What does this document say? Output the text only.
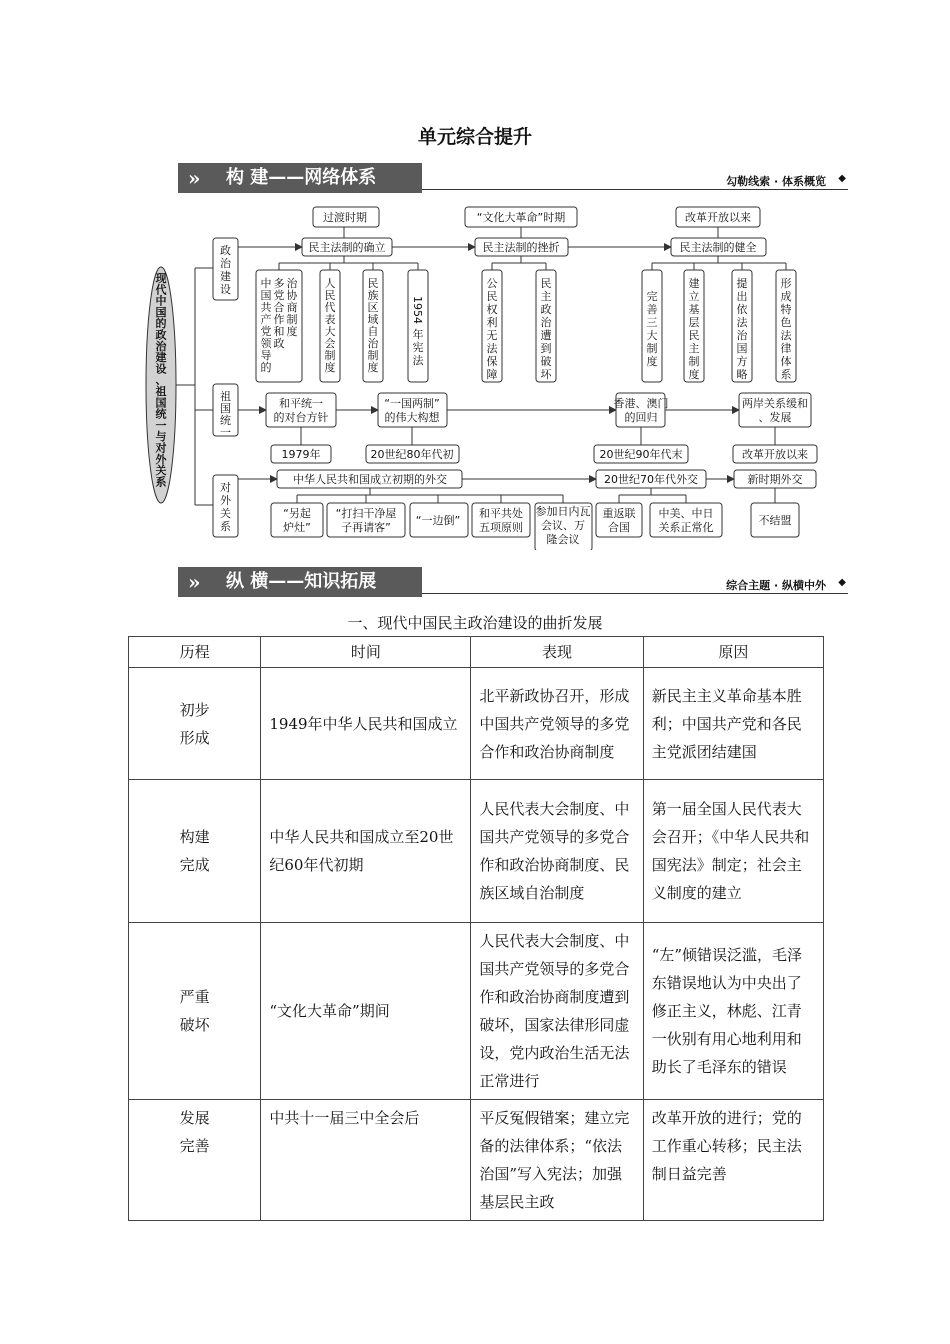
单元综合提升
» 构 建——网络体系	勾勒线索 · 体系概览 ◆
现代中国的政治建设、祖国统一与对外关系
政治建设
祖国统一
对外关系
中国共产党领导的
多党合作和政
治协商制度
人民代表大会制度
民族区域自治制度
1954
年宪法
公民权利无法保障
民主政治遭到破坏
完善三大制度
建立基层民主制度
提出依法治国方略
形成特色法律体系
过渡时期	“文化大革命”时期	改革开放以来
民主法制的确立	民主法制的挫折	民主法制的健全
1979年	20世纪80年代初	20世纪90年代末	改革开放以来
中华人民共和国成立初期的外交	20世纪70年代外交	新时期外交
不结盟
和平统一的对台方针
“一国两制”的伟大构想
香港、澳门的回归
两岸关系缓和、发展
“另起炉灶”
“打扫干净屋子再请客”
“一边倒”
和平共处五项原则
参加日内瓦会议、万隆会议
重返联合国
中美、中日关系正常化
» 纵 横——知识拓展	综合主题 · 纵横中外 ◆
一、现代中国民主政治建设的曲折发展
历程	时间	表现	原因
初步
形成	1949年中华人民共和国成立	北平新政协召开，形成中国共产党领导的多党合作和政治协商制度	新民主主义革命基本胜利；中国共产党和各民主党派团结建国
构建
完成	中华人民共和国成立至20世纪60年代初期	人民代表大会制度、中国共产党领导的多党合作和政治协商制度、民族区域自治制度	第一届全国人民代表大会召开；《中华人民共和国宪法》制定；社会主义制度的建立
严重
破坏	“文化大革命”期间	人民代表大会制度、中国共产党领导的多党合作和政治协商制度遭到破坏，国家法律形同虚设，党内政治生活无法正常进行	“左”倾错误泛滥，毛泽东错误地认为中央出了修正主义，林彪、江青一伙别有用心地利用和助长了毛泽东的错误
发展
完善	中共十一届三中全会后	平反冤假错案；建立完备的法律体系；“依法治国”写入宪法；加强基层民主政	改革开放的进行；党的工作重心转移；民主法制日益完善
